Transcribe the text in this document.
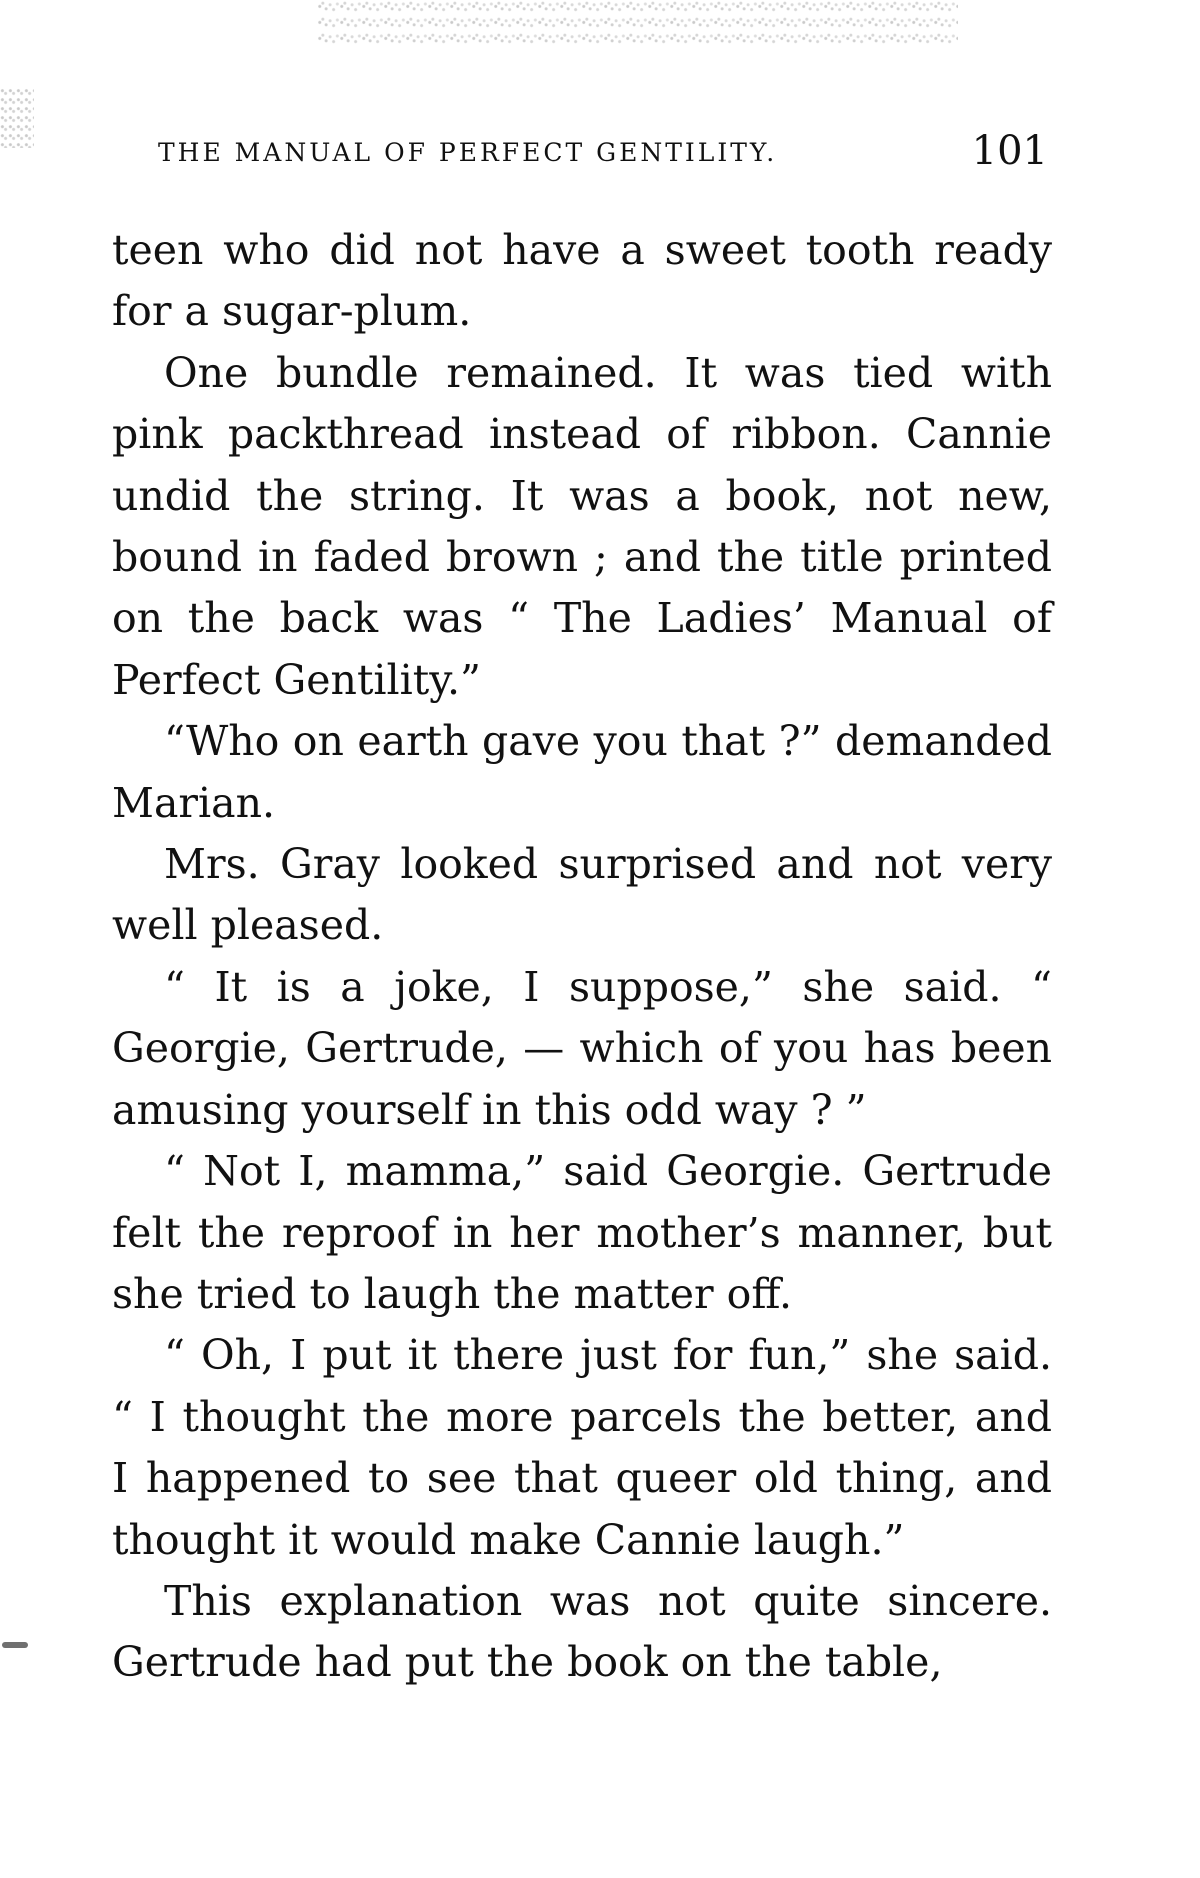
THE MANUAL OF PERFECT GENTILITY.	101

teen who did not have a sweet tooth ready for a sugar-plum.

One bundle remained. It was tied with pink packthread instead of ribbon. Cannie undid the string. It was a book, not new, bound in faded brown ; and the title printed on the back was “ The Ladies’ Manual of Perfect Gentility.”

“Who on earth gave you that ?” demanded Marian.

Mrs. Gray looked surprised and not very well pleased.

“ It is a joke, I suppose,” she said. “ Georgie, Gertrude, — which of you has been amusing yourself in this odd way ? ”

“ Not I, mamma,” said Georgie. Gertrude felt the reproof in her mother’s manner, but she tried to laugh the matter off.

“ Oh, I put it there just for fun,” she said. “ I thought the more parcels the better, and I happened to see that queer old thing, and thought it would make Cannie laugh.”

This explanation was not quite sincere. Gertrude had put the book on the table,
